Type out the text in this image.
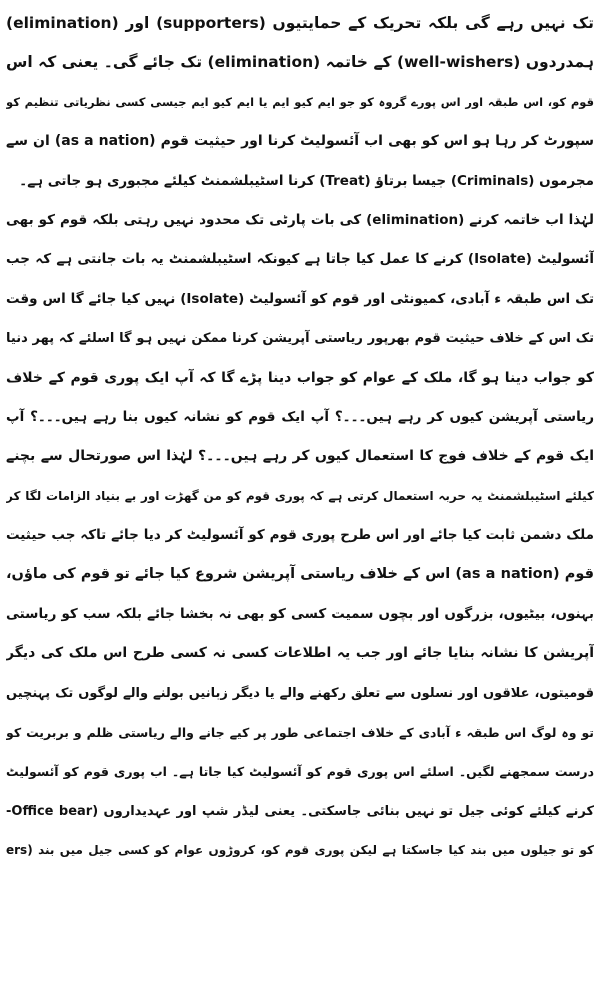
تک نہیں رہے گی بلکہ تحریک کے حمایتیوں (supporters) اور (elimination)
ہمدردوں (well-wishers) کے خاتمہ (elimination) تک جائے گی۔ یعنی کہ اس
قوم کو، اس طبقہ اور اس پورے گروہ کو جو ایم کیو ایم یا ایم کیو ایم جیسی کسی نظریاتی تنظیم کو
سپورٹ کر رہا ہو اس کو بھی اب آئسولیٹ کرنا اور حیثیت قوم (as a nation) ان سے
مجرموں (Criminals) جیسا برتاؤ (Treat) کرنا اسٹیبلشمنٹ کیلئے مجبوری ہو جاتی ہے۔
لہٰذا اب خاتمہ کرنے (elimination) کی بات پارٹی تک محدود نہیں رہتی بلکہ قوم کو بھی
آئسولیٹ (Isolate) کرنے کا عمل کیا جاتا ہے کیونکہ اسٹیبلشمنٹ یہ بات جانتی ہے کہ جب
تک اس طبقہ ء آبادی، کمیونٹی اور قوم کو آئسولیٹ (Isolate) نہیں کیا جائے گا اس وقت
تک اس کے خلاف حیثیت قوم بھرپور ریاستی آپریشن کرنا ممکن نہیں ہو گا اسلئے کہ پھر دنیا
کو جواب دینا ہو گا، ملک کے عوام کو جواب دینا پڑے گا کہ آپ ایک پوری قوم کے خلاف
ریاستی آپریشن کیوں کر رہے ہیں۔۔۔؟ آپ ایک قوم کو نشانہ کیوں بنا رہے ہیں۔۔۔؟ آپ
ایک قوم کے خلاف فوج کا استعمال کیوں کر رہے ہیں۔۔۔؟ لہٰذا اس صورتحال سے بچنے
کیلئے اسٹیبلشمنٹ یہ حربہ استعمال کرتی ہے کہ پوری قوم کو من گھڑت اور بے بنیاد الزامات لگا کر
ملک دشمن ثابت کیا جائے اور اس طرح پوری قوم کو آئسولیٹ کر دیا جائے تاکہ جب حیثیت
قوم (as a nation) اس کے خلاف ریاستی آپریشن شروع کیا جائے تو قوم کی ماؤں،
بہنوں، بیٹیوں، بزرگوں اور بچوں سمیت کسی کو بھی نہ بخشا جائے بلکہ سب کو ریاستی
آپریشن کا نشانہ بنایا جائے اور جب یہ اطلاعات کسی نہ کسی طرح اس ملک کی دیگر
قومیتوں، علاقوں اور نسلوں سے تعلق رکھنے والے یا دیگر زبانیں بولنے والے لوگوں تک پہنچیں
تو وہ لوگ اس طبقہ ء آبادی کے خلاف اجتماعی طور پر کیے جانے والے ریاستی ظلم و بربریت کو
درست سمجھنے لگیں۔ اسلئے اس پوری قوم کو آئسولیٹ کیا جاتا ہے۔ اب پوری قوم کو آئسولیٹ
کرنے کیلئے کوئی جیل تو نہیں بنائی جاسکتی۔ یعنی لیڈر شپ اور عہدیداروں (Office bear-
ers) کو تو جیلوں میں بند کیا جاسکتا ہے لیکن پوری قوم کو، کروڑوں عوام کو کسی جیل میں بند
